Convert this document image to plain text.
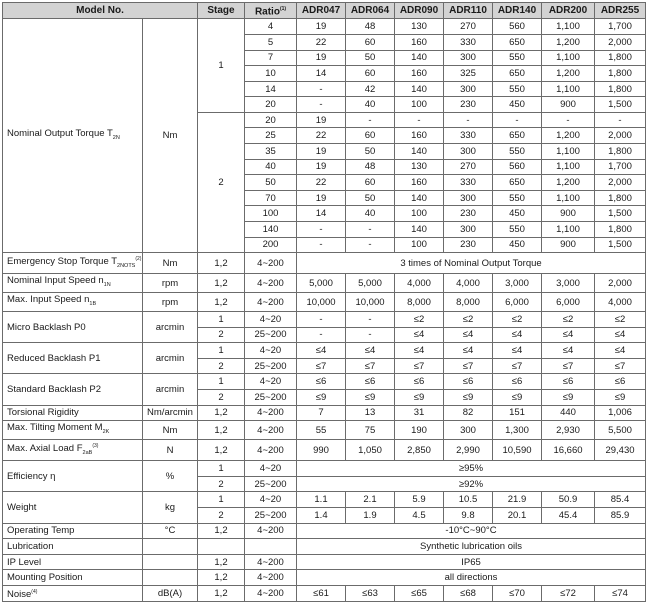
Model No.		Stage	Ratio$^{(1)}$	ADR047	ADR064	ADR090	ADR110	ADR140	ADR200	ADR255
Nominal Output Torque $T_{2N}$	Nm	1	4	19	48	130	270	560	1,100	1,700
			5	22	60	160	330	650	1,200	2,000
			7	19	50	140	300	550	1,100	1,800
			10	14	60	160	325	650	1,200	1,800
			14	-	42	140	300	550	1,100	1,800
			20	-	40	100	230	450	900	1,500
		2	20	19	-	-	-	-	-	-
			25	22	60	160	330	650	1,200	2,000
			35	19	50	140	300	550	1,100	1,800
			40	19	48	130	270	560	1,100	1,700
			50	22	60	160	330	650	1,200	2,000
			70	19	50	140	300	550	1,100	1,800
			100	14	40	100	230	450	900	1,500
			140	-	-	140	300	550	1,100	1,800
			200	-	-	100	230	450	900	1,500
Emergency Stop Torque $T_{2NOTS}^{(2)}$	Nm	1,2	4~200	3 times of Nominal Output Torque						
Nominal Input Speed $n_{1N}$	rpm	1,2	4~200	5,000	5,000	4,000	4,000	3,000	3,000	2,000
Max. Input Speed $n_{1B}$	rpm	1,2	4~200	10,000	10,000	8,000	8,000	6,000	6,000	4,000
Micro Backlash P0	arcmin	1	4~20	-	-	≤2	≤2	≤2	≤2	≤2
		2	25~200	-	-	≤4	≤4	≤4	≤4	≤4
Reduced Backlash P1	arcmin	1	4~20	≤4	≤4	≤4	≤4	≤4	≤4	≤4
		2	25~200	≤7	≤7	≤7	≤7	≤7	≤7	≤7
Standard Backlash P2	arcmin	1	4~20	≤6	≤6	≤6	≤6	≤6	≤6	≤6
		2	25~200	≤9	≤9	≤9	≤9	≤9	≤9	≤9
Torsional Rigidity	Nm/arcmin	1,2	4~200	7	13	31	82	151	440	1,006
Max. Tilting Moment $M_{2K}$	Nm	1,2	4~200	55	75	190	300	1,300	2,930	5,500
Max. Axial Load $F_{2aB}^{(3)}$	N	1,2	4~200	990	1,050	2,850	2,990	10,590	16,660	29,430
Efficiency η	%	1	4~20	≥95%						
		2	25~200	≥92%						
Weight	kg	1	4~20	1.1	2.1	5.9	10.5	21.9	50.9	85.4
		2	25~200	1.4	1.9	4.5	9.8	20.1	45.4	85.9
Operating Temp	°C	1,2	4~200	-10°C~90°C						
Lubrication				Synthetic lubrication oils						
IP Level		1,2	4~200	IP65						
Mounting Position		1,2	4~200	all directions						
Noise$^{(4)}$	dB(A)	1,2	4~200	≤61	≤63	≤65	≤68	≤70	≤72	≤74
